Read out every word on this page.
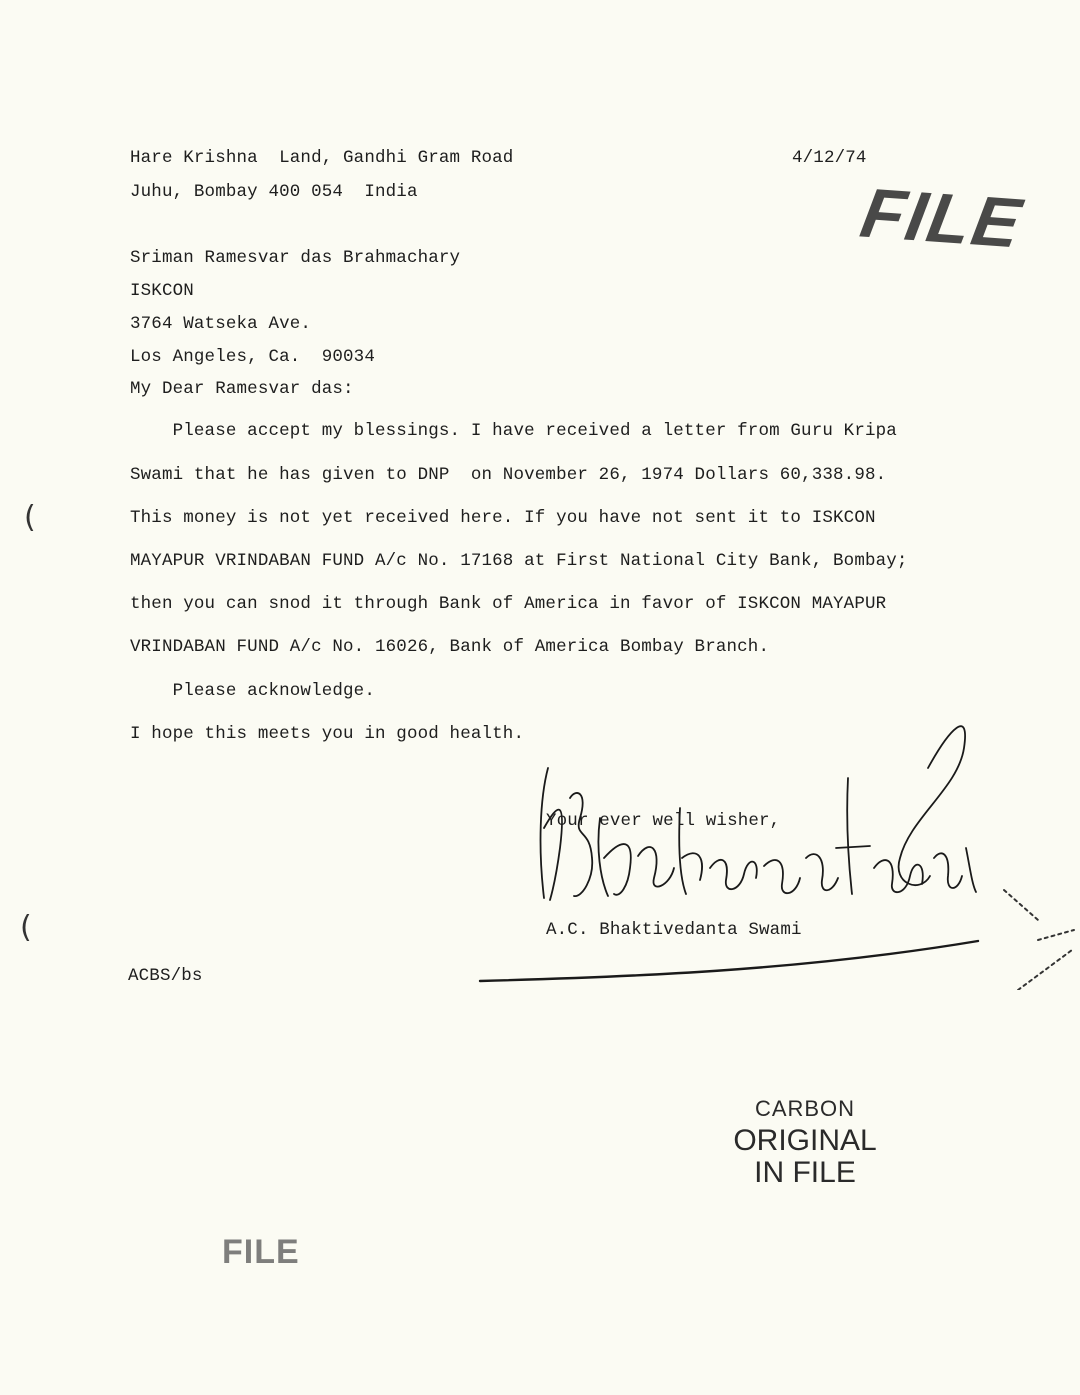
Hare Krishna  Land, Gandhi Gram Road
Juhu, Bombay 400 054  India
4/12/74
FILE
Sriman Ramesvar das Brahmachary
ISKCON
3764 Watseka Ave.
Los Angeles, Ca.  90034
My Dear Ramesvar das:
Please accept my blessings. I have received a letter from Guru Kripa
Swami that he has given to DNP  on November 26, 1974 Dollars 60,338.98.
This money is not yet received here. If you have not sent it to ISKCON
MAYAPUR VRINDABAN FUND A/c No. 17168 at First National City Bank, Bombay;
then you can snod it through Bank of America in favor of ISKCON MAYAPUR
VRINDABAN FUND A/c No. 16026, Bank of America Bombay Branch.
Please acknowledge.
I hope this meets you in good health.
Your ever well wisher,
A.C. Bhaktivedanta Swami
ACBS/bs
CARBON
ORIGINAL
IN FILE
FILE
(
(
